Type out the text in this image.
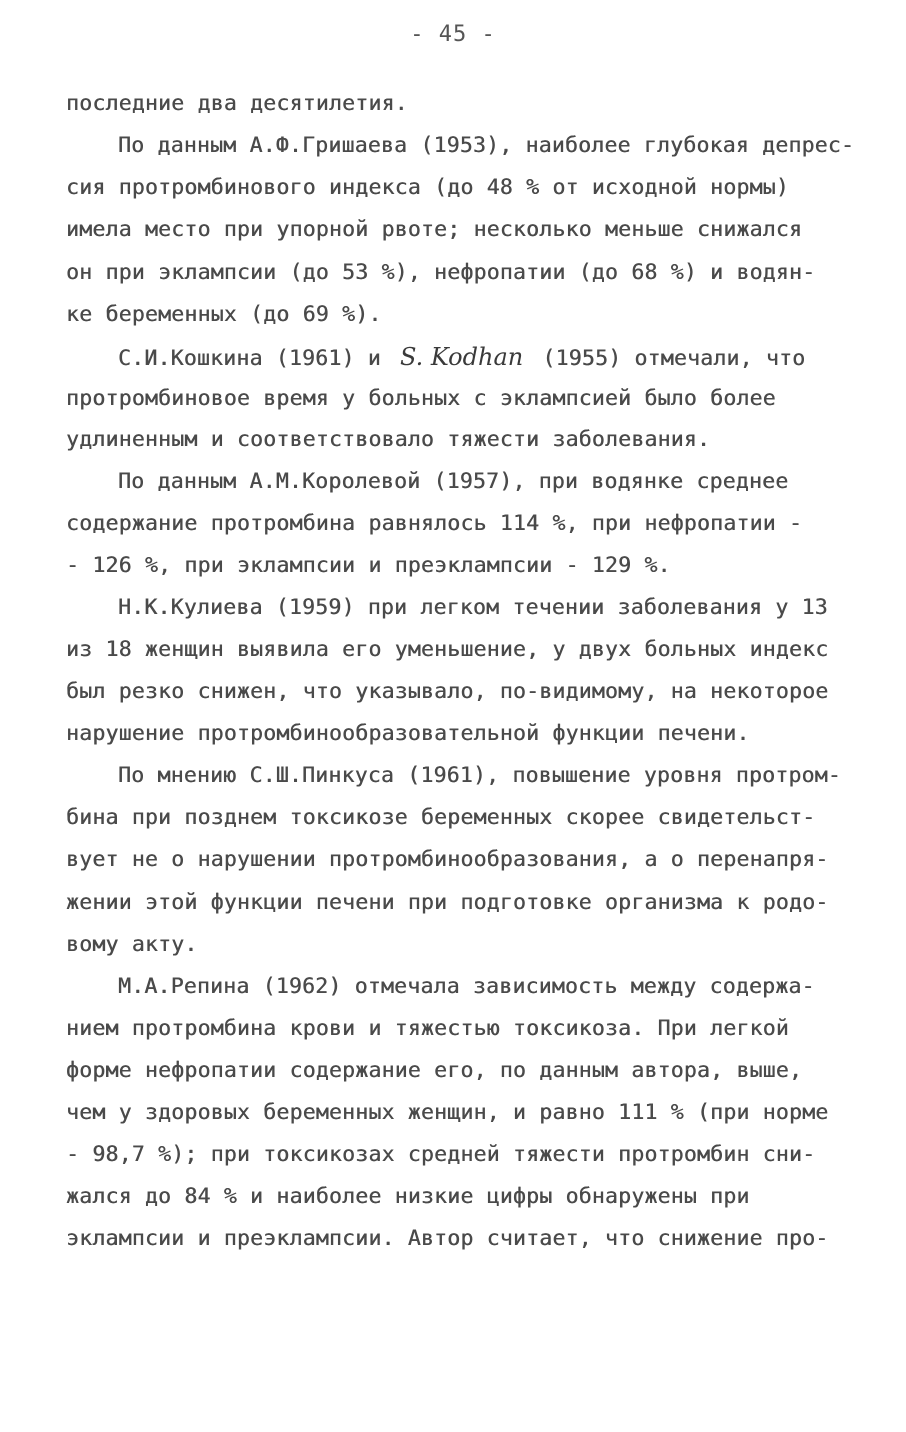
- 45 -
последние два десятилетия.
По данным А.Ф.Гришаева (1953), наиболее глубокая депрес-
сия протромбинового индекса (до 48 % от исходной нормы)
имела место при упорной рвоте; несколько меньше снижался
он при эклампсии (до 53 %), нефропатии (до 68 %) и водян-
ке беременных (до 69 %).
С.И.Кошкина (1961) и S. Kodhan (1955) отмечали, что
протромбиновое время у больных с эклампсией было более
удлиненным и соответствовало тяжести заболевания.
По данным А.М.Королевой (1957), при водянке среднее
содержание протромбина равнялось 114 %, при нефропатии -
- 126 %, при эклампсии и преэклампсии - 129 %.
Н.К.Кулиева (1959) при легком течении заболевания у 13
из 18 женщин выявила его уменьшение, у двух больных индекс
был резко снижен, что указывало, по-видимому, на некоторое
нарушение протромбинообразовательной функции печени.
По мнению С.Ш.Пинкуса (1961), повышение уровня протром-
бина при позднем токсикозе беременных скорее свидетельст-
вует не о нарушении протромбинообразования, а о перенапря-
жении этой функции печени при подготовке организма к родо-
вому акту.
М.А.Репина (1962) отмечала зависимость между содержа-
нием протромбина крови и тяжестью токсикоза. При легкой
форме нефропатии содержание его, по данным автора, выше,
чем у здоровых беременных женщин, и равно 111 % (при норме
- 98,7 %); при токсикозах средней тяжести протромбин сни-
жался до 84 % и наиболее низкие цифры обнаружены при
эклампсии и преэклампсии. Автор считает, что снижение про-
